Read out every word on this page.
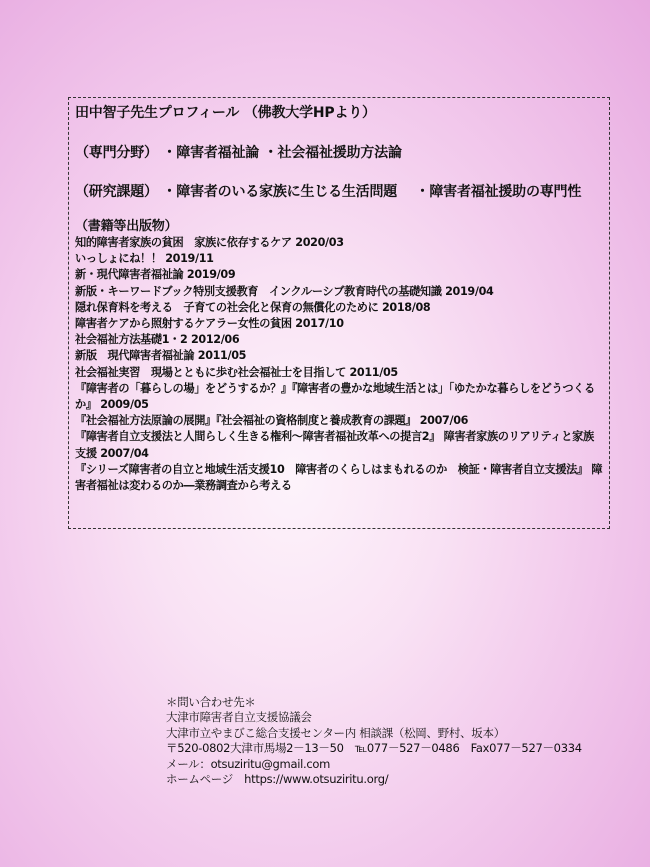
田中智子先生プロフィール （佛教大学HPより）

（専門分野） ・障害者福祉論 ・社会福祉援助方法論

（研究課題） ・障害者のいる家族に生じる生活問題　 ・障害者福祉援助の専門性

（書籍等出版物）

知的障害者家族の貧困　家族に依存するケア 2020/03
いっしょにね！！ 2019/11
新・現代障害者福祉論 2019/09
新版・キーワードブック特別支援教育　インクルーシブ教育時代の基礎知識 2019/04
隠れ保育料を考える　子育ての社会化と保育の無償化のために 2018/08
障害者ケアから照射するケアラー女性の貧困 2017/10
社会福祉方法基礎1・2 2012/06
新版　現代障害者福祉論 2011/05
社会福祉実習　現場とともに歩む社会福祉士を目指して 2011/05
『障害者の「暮らしの場」をどうするか？』『障害者の豊かな地域生活とは」「ゆたかな暮らしをどうつくるか』 2009/05
『社会福祉方法原論の展開』『社会福祉の資格制度と養成教育の課題』 2007/06
『障害者自立支援法と人間らしく生きる権利～障害者福祉改革への提言2』 障害者家族のリアリティと家族支援 2007/04
『シリーズ障害者の自立と地域生活支援10　障害者のくらしはまもれるのか　検証・障害者自立支援法』 障害者福祉は変わるのか―業務調査から考える
＊問い合わせ先＊
大津市障害者自立支援協議会
大津市立やまびこ総合支援センター内 相談課（松岡、野村、坂本）
〒520-0802大津市馬場2－13－50　℡077－527－0486　Fax077－527－0334
メール：otsuziritu@gmail.com
ホームページ　https://www.otsuziritu.org/
